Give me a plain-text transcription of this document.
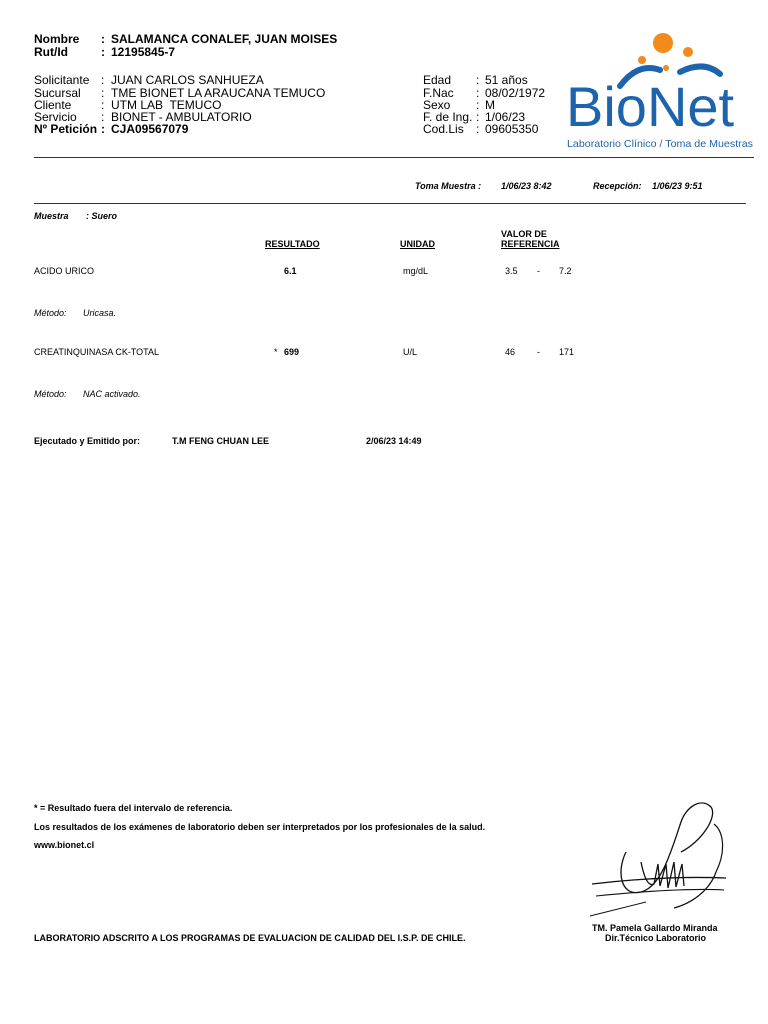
Nombre : SALAMANCA CONALEF, JUAN MOISES
Rut/Id	: 12195845-7
Solicitante : JUAN CARLOS SANHUEZA
Sucursal : TME BIONET LA ARAUCANA TEMUCO
Cliente : UTM LAB  TEMUCO
Servicio : BIONET - AMBULATORIO
Nº Petición : CJA09567079
Edad : 51 años
F.Nac : 08/02/1972
Sexo : M
F. de Ing. : 1/06/23
Cod.Lis : 09605350 BioNet
Laboratorio Clínico / Toma de Muestras
Toma Muestra : 1/06/23 8:42	Recepción: 1/06/23 9:51
Muestra : Suero
RESULTADO	UNIDAD
VALOR DE
REFERENCIA
ACIDO URICO	6.1	mg/dL	3.5 - 7.2
Método: Uricasa.
CREATINQUINASA CK-TOTAL	* 699	U/L	46 - 171
Método: NAC activado.
Ejecutado y Emitido por:	T.M FENG CHUAN LEE	2/06/23 14:49
* = Resultado fuera del intervalo de referencia.
Los resultados de los exámenes de laboratorio deben ser interpretados por los profesionales de la salud.
www.bionet.cl
TM. Pamela Gallardo Miranda
Dir.Técnico Laboratorio
LABORATORIO ADSCRITO A LOS PROGRAMAS DE EVALUACION DE CALIDAD DEL I.S.P. DE CHILE.
